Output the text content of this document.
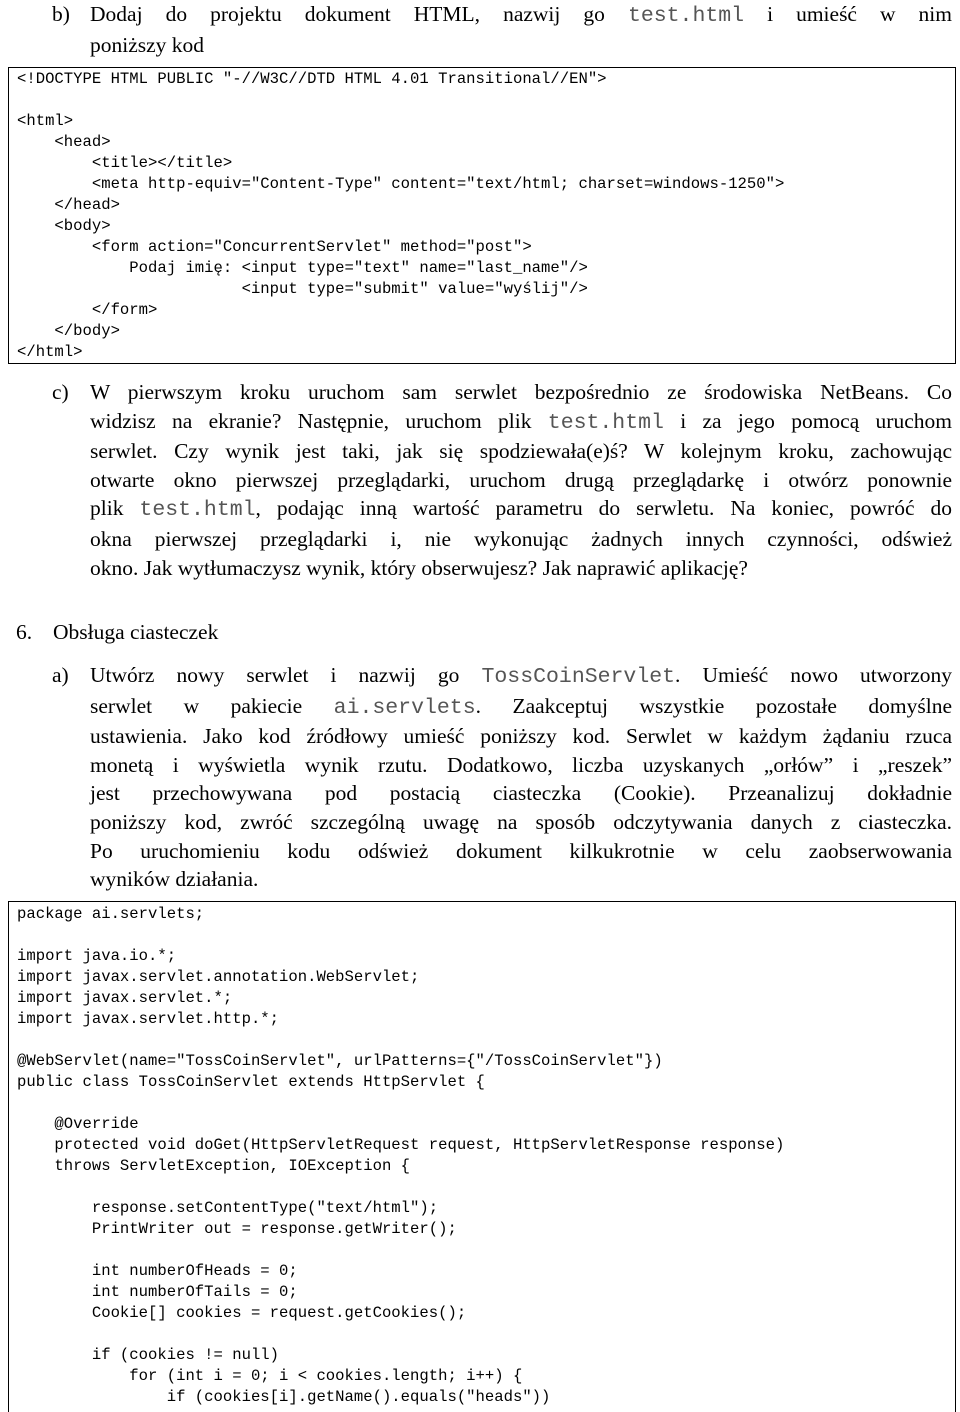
b) Dodaj do projektu dokument HTML, nazwij go test.html i umieść w nim
poniższy kod
<!DOCTYPE HTML PUBLIC "-//W3C//DTD HTML 4.01 Transitional//EN">
<html>
<head>
<title></title>
<meta http-equiv="Content-Type" content="text/html; charset=windows-1250">
</head>
<body>
<form action="ConcurrentServlet" method="post">
Podaj imię: <input type="text" name="last_name"/>
<input type="submit" value="wyślij"/>
</form>
</body>
</html>
c) W pierwszym kroku uruchom sam serwlet bezpośrednio ze środowiska NetBeans. Co
widzisz na ekranie? Następnie, uruchom plik test.html i za jego pomocą uruchom
serwlet. Czy wynik jest taki, jak się spodziewała(e)ś? W kolejnym kroku, zachowując
otwarte okno pierwszej przeglądarki, uruchom drugą przeglądarkę i otwórz ponownie
plik test.html, podając inną wartość parametru do serwletu. Na koniec, powróć do
okna pierwszej przeglądarki i, nie wykonując żadnych innych czynności, odśwież
okno. Jak wytłumaczysz wynik, który obserwujesz? Jak naprawić aplikację?
6. Obsługa ciasteczek
a) Utwórz nowy serwlet i nazwij go TossCoinServlet. Umieść nowo utworzony
serwlet w pakiecie ai.servlets. Zaakceptuj wszystkie pozostałe domyślne
ustawienia. Jako kod źródłowy umieść poniższy kod. Serwlet w każdym żądaniu rzuca
monetą i wyświetla wynik rzutu. Dodatkowo, liczba uzyskanych „orłów” i „reszek”
jest przechowywana pod postacią ciasteczka (Cookie). Przeanalizuj dokładnie
poniższy kod, zwróć szczególną uwagę na sposób odczytywania danych z ciasteczka.
Po uruchomieniu kodu odśwież dokument kilkukrotnie w celu zaobserwowania
wyników działania.
package ai.servlets;
import java.io.*;
import javax.servlet.annotation.WebServlet;
import javax.servlet.*;
import javax.servlet.http.*;
@WebServlet(name="TossCoinServlet", urlPatterns={"/TossCoinServlet"})
public class TossCoinServlet extends HttpServlet {
@Override
protected void doGet(HttpServletRequest request, HttpServletResponse response)
throws ServletException, IOException {
response.setContentType("text/html");
PrintWriter out = response.getWriter();
int numberOfHeads = 0;
int numberOfTails = 0;
Cookie[] cookies = request.getCookies();
if (cookies != null)
for (int i = 0; i < cookies.length; i++) {
if (cookies[i].getName().equals("heads"))
